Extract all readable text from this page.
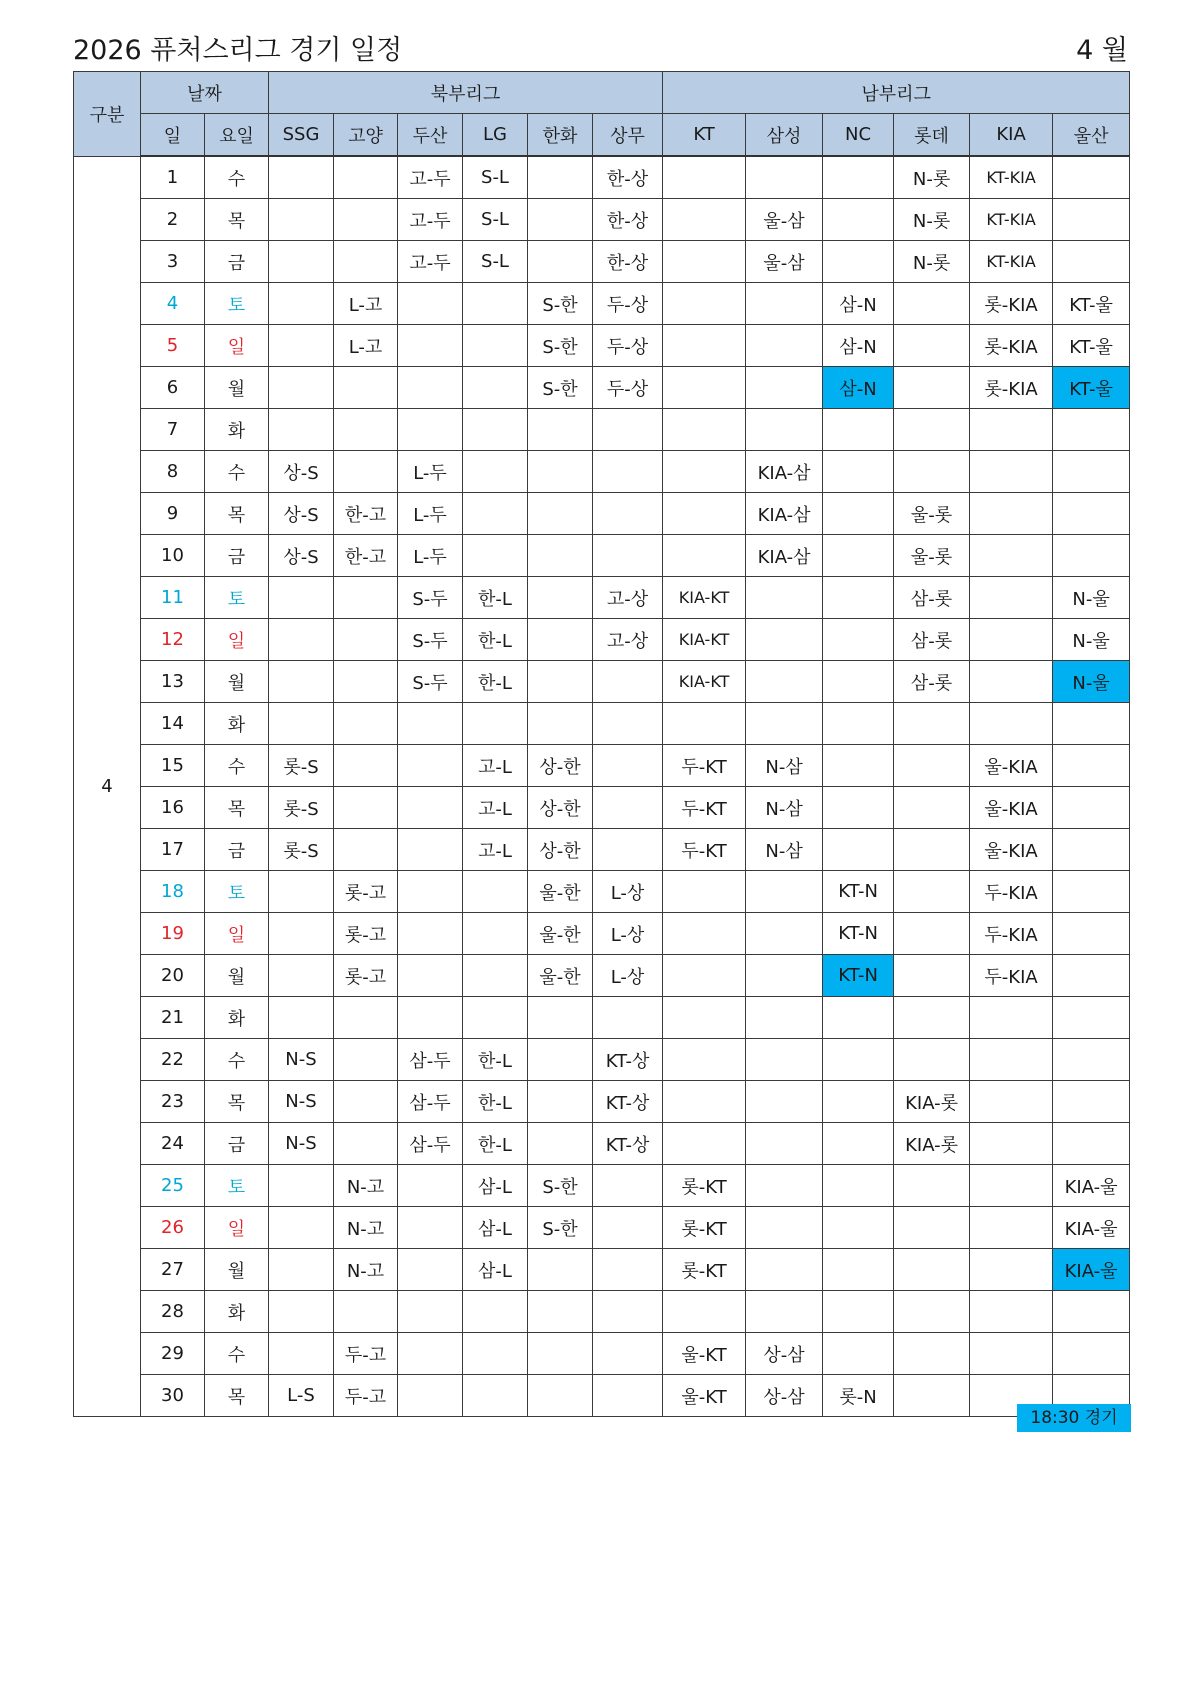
2026 퓨처스리그 경기 일정	4 월
구분	날짜		북부리그						남부리그					
	일	요일	SSG	고양	두산	LG	한화	상무	KT	삼성	NC	롯데	KIA	울산
4	1	수			고-두	S-L		한-상				N-롯	KT-KIA	
	2	목			고-두	S-L		한-상		울-삼		N-롯	KT-KIA	
	3	금			고-두	S-L		한-상		울-삼		N-롯	KT-KIA	
	4	토		L-고			S-한	두-상			삼-N		롯-KIA	KT-울
	5	일		L-고			S-한	두-상			삼-N		롯-KIA	KT-울
	6	월					S-한	두-상			삼-N		롯-KIA	KT-울
	7	화												
	8	수	상-S		L-두					KIA-삼				
	9	목	상-S	한-고	L-두					KIA-삼		울-롯		
	10	금	상-S	한-고	L-두					KIA-삼		울-롯		
	11	토			S-두	한-L		고-상	KIA-KT			삼-롯		N-울
	12	일			S-두	한-L		고-상	KIA-KT			삼-롯		N-울
	13	월			S-두	한-L			KIA-KT			삼-롯		N-울
	14	화												
	15	수	롯-S			고-L	상-한		두-KT	N-삼			울-KIA	
	16	목	롯-S			고-L	상-한		두-KT	N-삼			울-KIA	
	17	금	롯-S			고-L	상-한		두-KT	N-삼			울-KIA	
	18	토		롯-고			울-한	L-상			KT-N		두-KIA	
	19	일		롯-고			울-한	L-상			KT-N		두-KIA	
	20	월		롯-고			울-한	L-상			KT-N		두-KIA	
	21	화												
	22	수	N-S		삼-두	한-L		KT-상						
	23	목	N-S		삼-두	한-L		KT-상				KIA-롯		
	24	금	N-S		삼-두	한-L		KT-상				KIA-롯		
	25	토		N-고		삼-L	S-한		롯-KT					KIA-울
	26	일		N-고		삼-L	S-한		롯-KT					KIA-울
	27	월		N-고		삼-L			롯-KT					KIA-울
	28	화												
	29	수		두-고					울-KT	상-삼				
	30	목	L-S	두-고					울-KT	상-삼	롯-N			
18:30 경기
